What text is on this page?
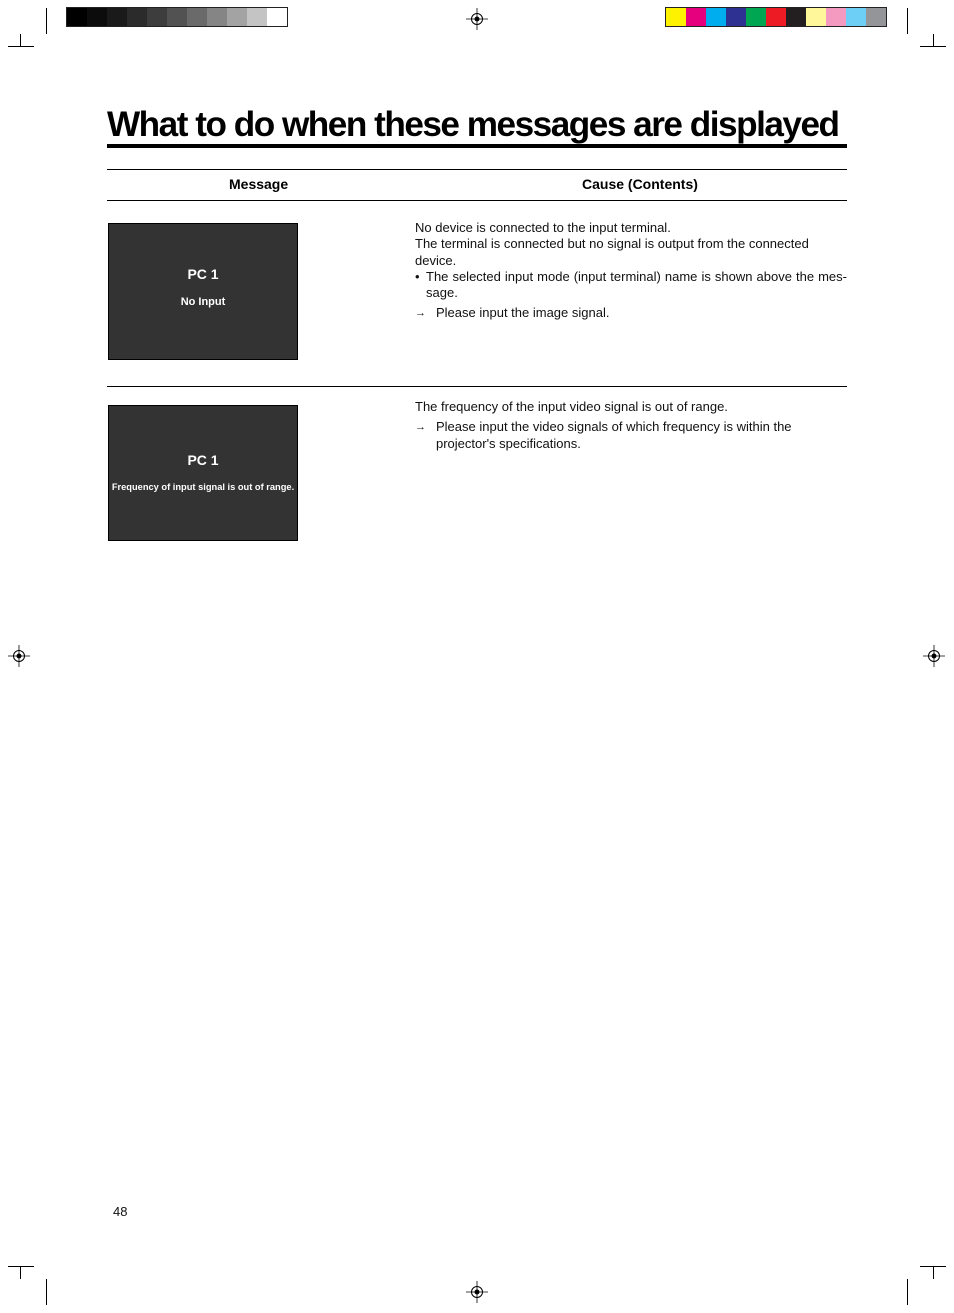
What to do when these messages are displayed
Message	Cause (Contents)
PC 1
No Input

No device is connected to the input terminal.

The terminal is connected but no signal is output from the connected device.

• The selected input mode (input terminal) name is shown above the mes-sage.
→ Please input the image signal.
PC 1
Frequency of input signal is out of range.

The frequency of the input video signal is out of range.

→ Please input the video signals of which frequency is within the projector's specifications.
48
